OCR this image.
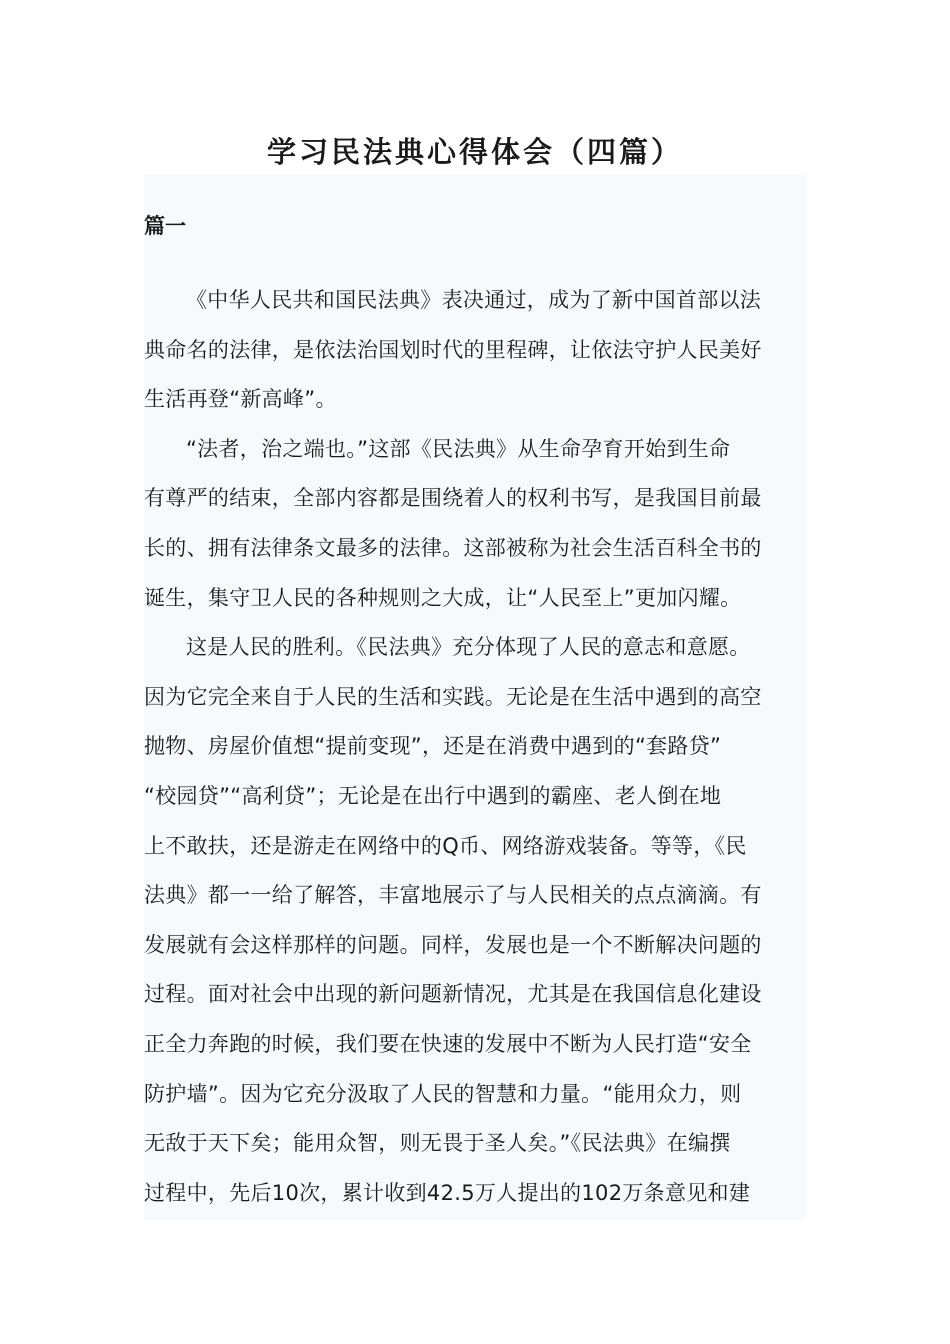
学习民法典心得体会（四篇）
篇一

《中华人民共和国民法典》表决通过，成为了新中国首部以法
典命名的法律，是依法治国划时代的里程碑，让依法守护人民美好
生活再登“新高峰”。

“法者，治之端也。”这部《民法典》从生命孕育开始到生命
有尊严的结束，全部内容都是围绕着人的权利书写，是我国目前最
长的、拥有法律条文最多的法律。这部被称为社会生活百科全书的
诞生，集守卫人民的各种规则之大成，让“人民至上”更加闪耀。

这是人民的胜利。《民法典》充分体现了人民的意志和意愿。
因为它完全来自于人民的生活和实践。无论是在生活中遇到的高空
抛物、房屋价值想“提前变现”，还是在消费中遇到的“套路贷”
“校园贷”“高利贷”；无论是在出行中遇到的霸座、老人倒在地
上不敢扶，还是游走在网络中的Q币、网络游戏装备。等等，《民
法典》都一一给了解答，丰富地展示了与人民相关的点点滴滴。有
发展就有会这样那样的问题。同样，发展也是一个不断解决问题的
过程。面对社会中出现的新问题新情况，尤其是在我国信息化建设
正全力奔跑的时候，我们要在快速的发展中不断为人民打造“安全
防护墙”。因为它充分汲取了人民的智慧和力量。“能用众力，则
无敌于天下矣；能用众智，则无畏于圣人矣。”《民法典》在编撰
过程中，先后10次，累计收到42.5万人提出的102万条意见和建
